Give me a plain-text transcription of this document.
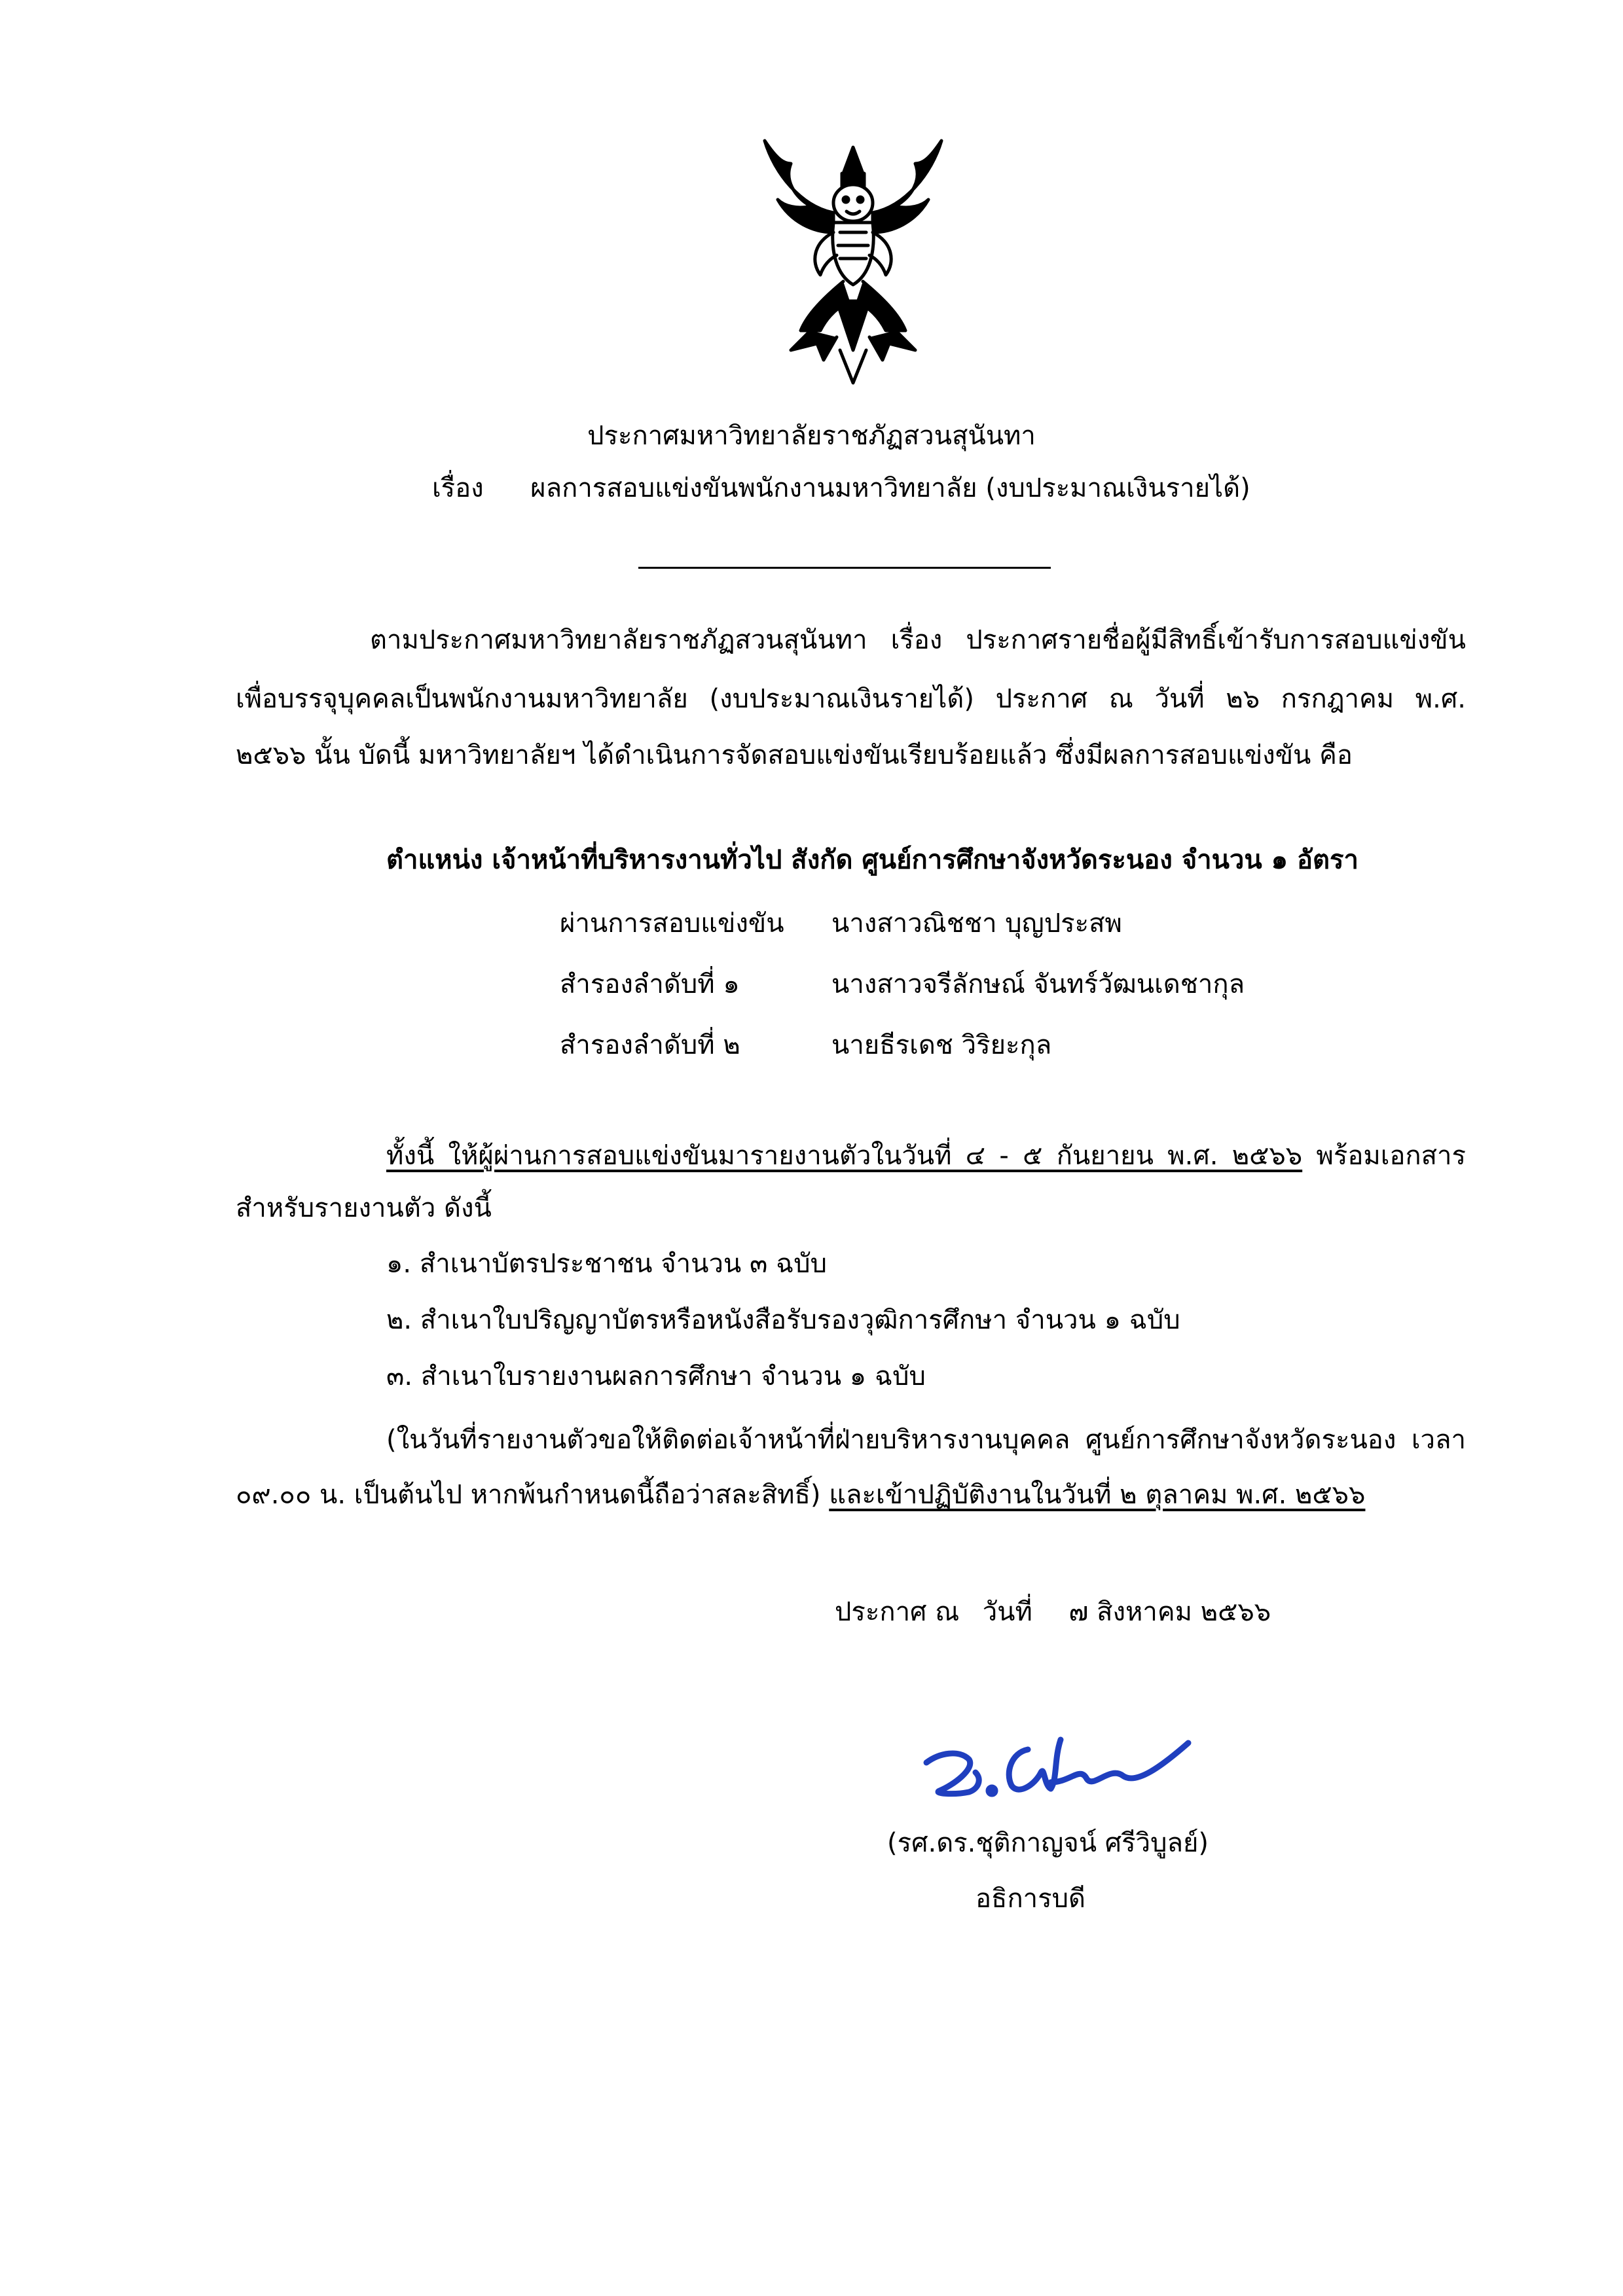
ประกาศมหาวิทยาลัยราชภัฏสวนสุนันทา
เรื่อง ผลการสอบแข่งขันพนักงานมหาวิทยาลัย (งบประมาณเงินรายได้)
ตามประกาศมหาวิทยาลัยราชภัฏสวนสุนันทา เรื่อง ประกาศรายชื่อผู้มีสิทธิ์เข้ารับการสอบแข่งขัน
เพื่อบรรจุบุคคลเป็นพนักงานมหาวิทยาลัย (งบประมาณเงินรายได้) ประกาศ ณ วันที่ ๒๖ กรกฎาคม พ.ศ.
๒๕๖๖ นั้น บัดนี้ มหาวิทยาลัยฯ ได้ดำเนินการจัดสอบแข่งขันเรียบร้อยแล้ว ซึ่งมีผลการสอบแข่งขัน คือ
ตำแหน่ง เจ้าหน้าที่บริหารงานทั่วไป สังกัด ศูนย์การศึกษาจังหวัดระนอง จำนวน ๑ อัตรา
ผ่านการสอบแข่งขัน นางสาวณิชชา บุญประสพ
สำรองลำดับที่ ๑	นางสาวจรีลักษณ์ จันทร์วัฒนเดชากุล
สำรองลำดับที่ ๒	นายธีรเดช วิริยะกุล
ทั้งนี้ ให้ผู้ผ่านการสอบแข่งขันมารายงานตัวในวันที่ ๔ - ๕ กันยายน พ.ศ. ๒๕๖๖ พร้อมเอกสาร
สำหรับรายงานตัว ดังนี้
๑. สำเนาบัตรประชาชน จำนวน ๓ ฉบับ
๒. สำเนาใบปริญญาบัตรหรือหนังสือรับรองวุฒิการศึกษา จำนวน ๑ ฉบับ
๓. สำเนาใบรายงานผลการศึกษา จำนวน ๑ ฉบับ
(ในวันที่รายงานตัวขอให้ติดต่อเจ้าหน้าที่ฝ่ายบริหารงานบุคคล ศูนย์การศึกษาจังหวัดระนอง เวลา
๐๙.๐๐ น. เป็นต้นไป หากพ้นกำหนดนี้ถือว่าสละสิทธิ์) และเข้าปฏิบัติงานในวันที่ ๒ ตุลาคม พ.ศ. ๒๕๖๖
ประกาศ ณ วันที่ ๗ สิงหาคม ๒๕๖๖
(รศ.ดร.ชุติกาญจน์ ศรีวิบูลย์)
อธิการบดี
